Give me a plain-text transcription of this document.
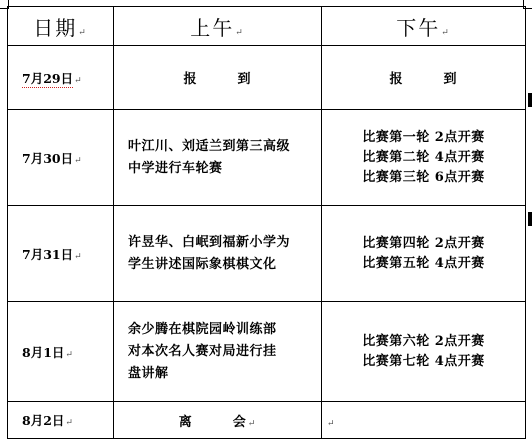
日期↵	上午↵	下午↵
7月29日↵	报 到	报 到
7月30日↵	叶江川、刘适兰到第三高级
中学进行车轮赛	比赛第一轮 2点开赛
比赛第二轮 4点开赛
比赛第三轮 6点开赛

7月31日↵	许昱华、白岷到福新小学为
学生讲述国际象棋棋文化	比赛第四轮 2点开赛
比赛第五轮 4点开赛

8月1日↵	余少腾在棋院园岭训练部
对本次名人赛对局进行挂
盘讲解	比赛第六轮 2点开赛
比赛第七轮 4点开赛

8月2日↵	离 会↵	↵
